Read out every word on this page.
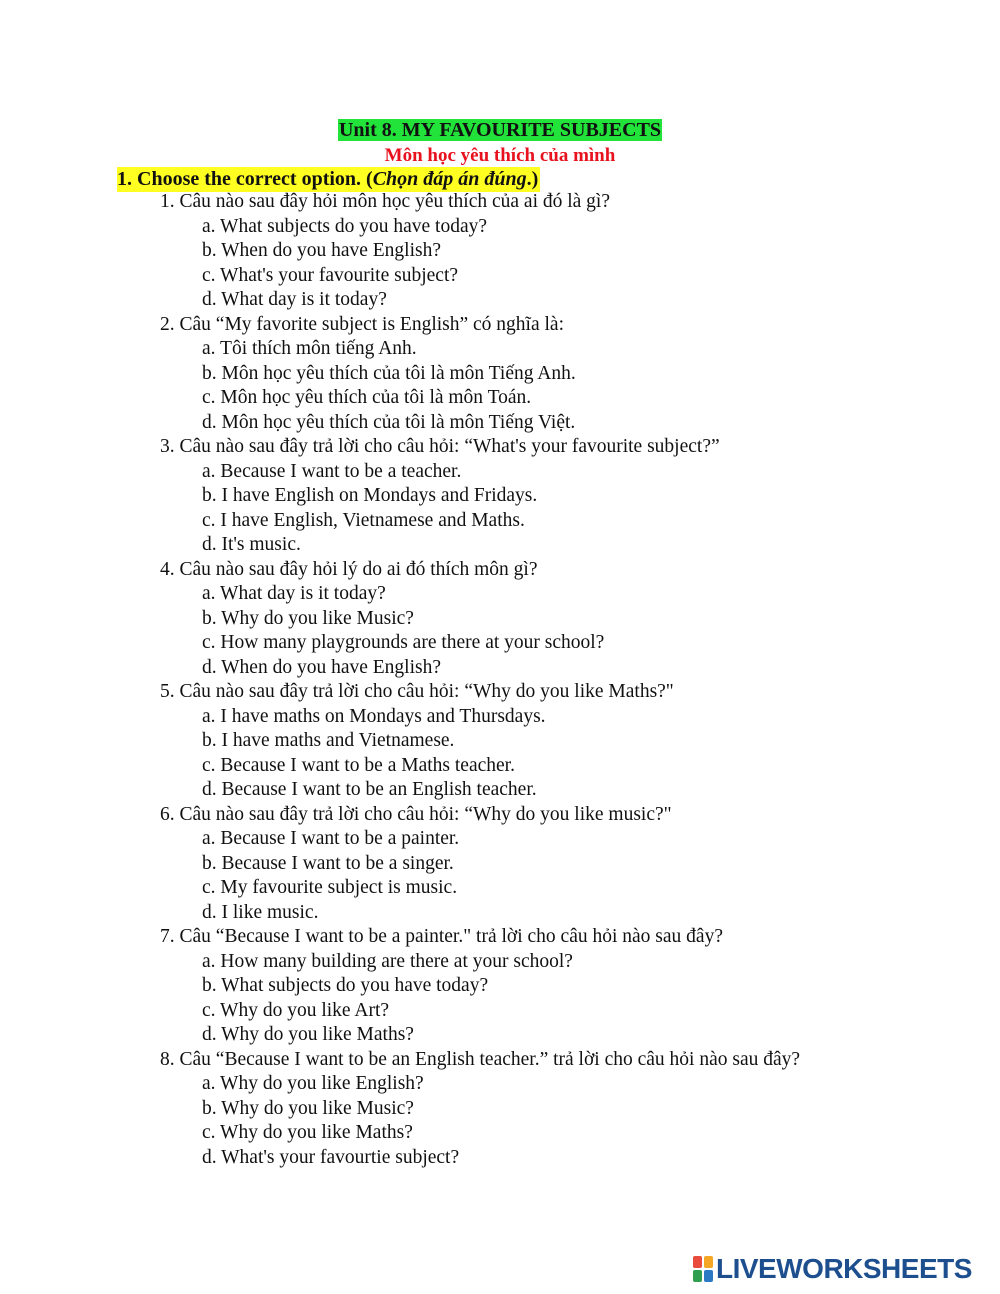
Unit 8. MY FAVOURITE SUBJECTS
Môn học yêu thích của mình
1. Choose the correct option. (Chọn đáp án đúng.)
1. Câu nào sau đây hỏi môn học yêu thích của ai đó là gì?
a. What subjects do you have today?
b. When do you have English?
c. What's your favourite subject?
d. What day is it today?
2. Câu “My favorite subject is English” có nghĩa là:
a. Tôi thích môn tiếng Anh.
b. Môn học yêu thích của tôi là môn Tiếng Anh.
c. Môn học yêu thích của tôi là môn Toán.
d. Môn học yêu thích của tôi là môn Tiếng Việt.
3. Câu nào sau đây trả lời cho câu hỏi: “What's your favourite subject?”
a. Because I want to be a teacher.
b. I have English on Mondays and Fridays.
c. I have English, Vietnamese and Maths.
d. It's music.
4. Câu nào sau đây hỏi lý do ai đó thích môn gì?
a. What day is it today?
b. Why do you like Music?
c. How many playgrounds are there at your school?
d. When do you have English?
5. Câu nào sau đây trả lời cho câu hỏi: “Why do you like Maths?"
a. I have maths on Mondays and Thursdays.
b. I have maths and Vietnamese.
c. Because I want to be a Maths teacher.
d. Because I want to be an English teacher.
6. Câu nào sau đây trả lời cho câu hỏi: “Why do you like music?"
a. Because I want to be a painter.
b. Because I want to be a singer.
c. My favourite subject is music.
d. I like music.
7. Câu “Because I want to be a painter." trả lời cho câu hỏi nào sau đây?
a. How many building are there at your school?
b. What subjects do you have today?
c. Why do you like Art?
d. Why do you like Maths?
8. Câu “Because I want to be an English teacher.” trả lời cho câu hỏi nào sau đây?
a. Why do you like English?
b. Why do you like Music?
c. Why do you like Maths?
d. What's your favourtie subject?
LIVEWORKSHEETS
